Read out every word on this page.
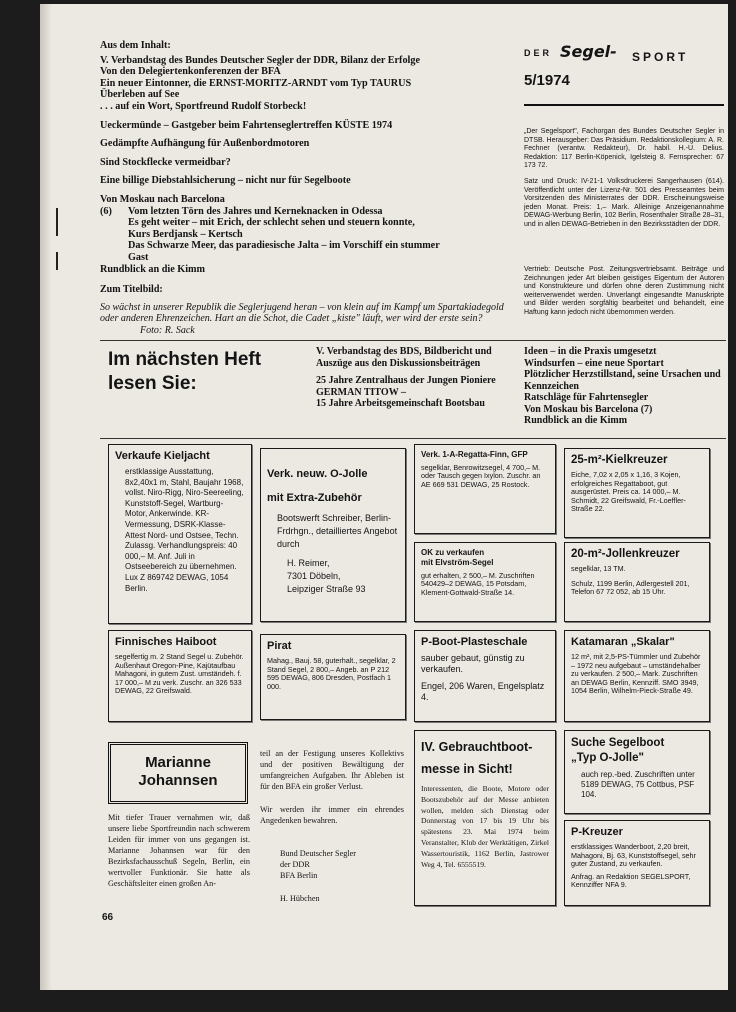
Aus dem Inhalt:

V. Verbandstag des Bundes Deutscher Segler der DDR, Bilanz der Erfolge

Von den Delegiertenkonferenzen der BFA

Ein neuer Eintonner, die ERNST-MORITZ-ARNDT vom Typ TAURUS

Überleben auf See

. . . auf ein Wort, Sportfreund Rudolf Storbeck!

Ueckermünde – Gastgeber beim Fahrtenseglertreffen KÜSTE 1974

Gedämpfte Aufhängung für Außenbordmotoren

Sind Stockflecke vermeidbar?

Eine billige Diebstahlsicherung – nicht nur für Segelboote

Von Moskau nach Barcelona

(6)	Vom letzten Törn des Jahres und Kerneknacken in Odessa

Es geht weiter – mit Erich, der schlecht sehen und steuern konnte,

Kurs Berdjansk – Kertsch

Das Schwarze Meer, das paradiesische Jalta – im Vorschiff ein stummer

Gast

Rundblick an die Kimm

Zum Titelbild:
So wächst in unserer Republik die Seglerjugend heran – von klein auf im Kampf um Spartakiadegold oder anderen Ehrenzeichen. Hart an die Schot, die Cadet „kiste" läuft, wer wird der erste sein? Foto: R. Sack
DER Segel- SPORT
5/1974
„Der Segelsport", Fachorgan des Bundes Deutscher Segler in DTSB. Herausgeber: Das Präsidium. Redaktionskollegium: A. R. Fechner (verantw. Redakteur), Dr. habil. H.-U. Delius. Redaktion: 117 Berlin-Köpenick, Igelsteig 8. Fernsprecher: 67 173 72.
Satz und Druck: IV-21-1 Volksdruckerei Sangerhausen (614). Veröffentlicht unter der Lizenz-Nr. 501 des Presseamtes beim Vorsitzenden des Ministerrates der DDR. Erscheinungsweise jeden Monat. Preis: 1,– Mark. Alleinige Anzeigenannahme DEWAG-Werbung Berlin, 102 Berlin, Rosenthaler Straße 28–31, und in allen DEWAG-Betrieben in den Bezirksstädten der DDR.
Vertrieb: Deutsche Post. Zeitungsvertriebsamt. Beiträge und Zeichnungen jeder Art bleiben geistiges Eigentum der Autoren und Konstrukteure und dürfen ohne deren Zustimmung nicht weiterverwendet werden. Unverlangt eingesandte Manuskripte und Bilder werden sorgfältig bearbeitet und behandelt, eine Haftung kann jedoch nicht übernommen werden.
Im nächsten Heft
lesen Sie:

V. Verbandstag des BDS, Bildbericht und Auszüge aus den Diskussionsbeiträgen

25 Jahre Zentralhaus der Jungen Pioniere GERMAN TITOW –

15 Jahre Arbeitsgemeinschaft Bootsbau

Ideen – in die Praxis umgesetzt

Windsurfen – eine neue Sportart

Plötzlicher Herzstillstand, seine Ursachen und Kennzeichen

Ratschläge für Fahrtensegler

Von Moskau bis Barcelona (7)

Rundblick an die Kimm

Verkaufe Kieljacht

erstklassige Ausstattung, 8x2,40x1 m, Stahl, Baujahr 1968, vollst. Niro-Rigg, Niro-Seereeling, Kunststoff-Segel, Wartburg-Motor, Ankerwinde. KR-Vermessung, DSRK-Klasse-Attest Nord- und Ostsee, Techn. Zulassg. Verhandlungspreis: 40 000,– M. Anf. Juli in Ostseebereich zu übernehmen. Lux Z 869742 DEWAG, 1054 Berlin.

Verk. neuw. O-Jolle

mit Extra-Zubehör

Bootswerft Schreiber, Berlin-Frdrhgn., detailliertes Angebot durch

H. Reimer,

7301 Döbeln,

Leipziger Straße 93

Verk. 1-A-Regatta-Finn, GFP

segelklar, Benrowitzsegel, 4 700,– M. oder Tausch gegen Ixylon. Zuschr. an AE 669 531 DEWAG, 25 Rostock.

25-m²-Kielkreuzer

Eiche, 7,02 x 2,05 x 1,16, 3 Kojen, erfolgreiches Regattaboot, gut ausgerüstet. Preis ca. 14 000,– M. Schmidt, 22 Greifswald, Fr.-Loeffler-Straße 22.

OK zu verkaufen

mit Elvström-Segel

gut erhalten, 2 500,– M. Zuschriften 540429–2 DEWAG, 15 Potsdam, Klement-Gottwald-Straße 14.

20-m²-Jollenkreuzer

segelklar, 13 TM.

Schulz, 1199 Berlin, Adlergestell 201, Telefon 67 72 052, ab 15 Uhr.

Finnisches Haiboot

segelfertig m. 2 Stand Segel u. Zubehör. Außenhaut Oregon-Pine, Kajütaufbau Mahagoni, in gutem Zust. umständeh. f. 17 000,– M zu verk. Zuschr. an 326 533 DEWAG, 22 Greifswald.

Pirat

Mahag., Bauj. 58, guterhalt., segelklar, 2 Stand Segel, 2 800,– Angeb. an P 212 595 DEWAG, 806 Dresden, Postfach 1 000.

P-Boot-Plasteschale

sauber gebaut, günstig zu verkaufen.

Engel, 206 Waren, Engelsplatz 4.

Katamaran „Skalar"

12 m², mit 2,5-PS-Tümmler und Zubehör – 1972 neu aufgebaut – umständehalber zu verkaufen. 2 500,– Mark. Zuschriften an DEWAG Berlin, Kennziff. SMO 3949, 1054 Berlin, Wilhelm-Pieck-Straße 49.

IV. Gebrauchtboot-

messe in Sicht!

Interessenten, die Boote, Motore oder Bootszubehör auf der Messe anbieten wollen, melden sich Dienstag oder Donnerstag von 17 bis 19 Uhr bis spätestens 23. Mai 1974 beim Veranstalter, Klub der Werktätigen, Zirkel Wassertouristik, 1162 Berlin, Jastrower Weg 4, Tel. 6555519.

Suche Segelboot

„Typ O-Jolle"

auch rep.-bed. Zuschriften unter 5189 DEWAG, 75 Cottbus, PSF 104.

P-Kreuzer

erstklassiges Wanderboot, 2,20 breit, Mahagoni, Bj. 63, Kunststoffsegel, sehr guter Zustand, zu verkaufen.

Anfrag. an Redaktion SEGELSPORT, Kennziffer NFA 9.

Marianne
Johannsen

Mit tiefer Trauer vernahmen wir, daß unsere liebe Sportfreundin nach schwerem Leiden für immer von uns gegangen ist. Marianne Johannsen war für den Bezirksfachausschuß Segeln, Berlin, ein wertvoller Funktionär. Sie hatte als Geschäftsleiter einen großen An-

teil an der Festigung unseres Kollektivs und der positiven Bewältigung der umfangreichen Aufgaben. Ihr Ableben ist für den BFA ein großer Verlust.

Wir werden ihr immer ein ehrendes Angedenken bewahren.

Bund Deutscher Segler der DDR

BFA Berlin

H. Hübchen

66
